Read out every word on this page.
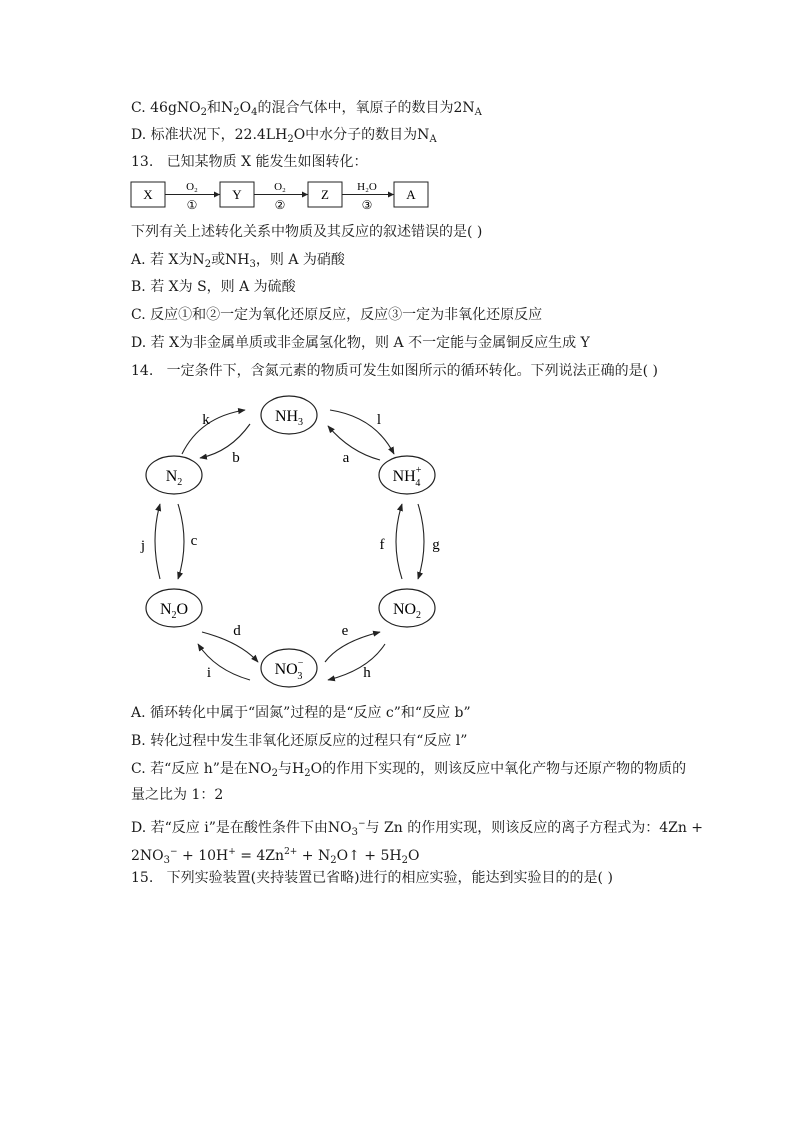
C. 46gNO$_2$和$N_2O_4$的混合气体中，氧原子的数目为$2N_A$
D. 标准状况下，$22.4LH_2O$中水分子的数目为$N_A$
13. 已知某物质 X 能发生如图转化：
X	O₂
①
Y	O₂
②
Z	H₂O
③
A
下列有关上述转化关系中物质及其反应的叙述错误的是( )
A. 若 X为$N_2$或$NH_3$，则 A 为硝酸
B. 若 X为 S，则 A 为硫酸
C. 反应①和②一定为氧化还原反应，反应③一定为非氧化还原反应
D. 若 X为非金属单质或非金属氢化物，则 A 不一定能与金属铜反应生成 Y
14. 一定条件下，含氮元素的物质可发生如图所示的循环转化。下列说法正确的是( )
$NH_3$
NH+ 4
$NO_2$
NO− 3
$N_2O$
$N_2$
k
b
l
a
j	c	f	g
d
i
e
h
A. 循环转化中属于“固氮”过程的是“反应 c”和“反应 b”
B. 转化过程中发生非氧化还原反应的过程只有“反应 l”
C. 若“反应 h”是在$NO_2$与$H_2O$的作用下实现的，则该反应中氧化产物与还原产物的物质的
量之比为 1：2
D. 若“反应 i”是在酸性条件下由$NO_3^-$与 Zn 的作用实现，则该反应的离子方程式为：4Zn +
$2NO_3^- + 10H^+ = 4Zn^{2+}$ + $N_2O↑ + 5H_2O$
15. 下列实验装置(夹持装置已省略)进行的相应实验，能达到实验目的的是( )
